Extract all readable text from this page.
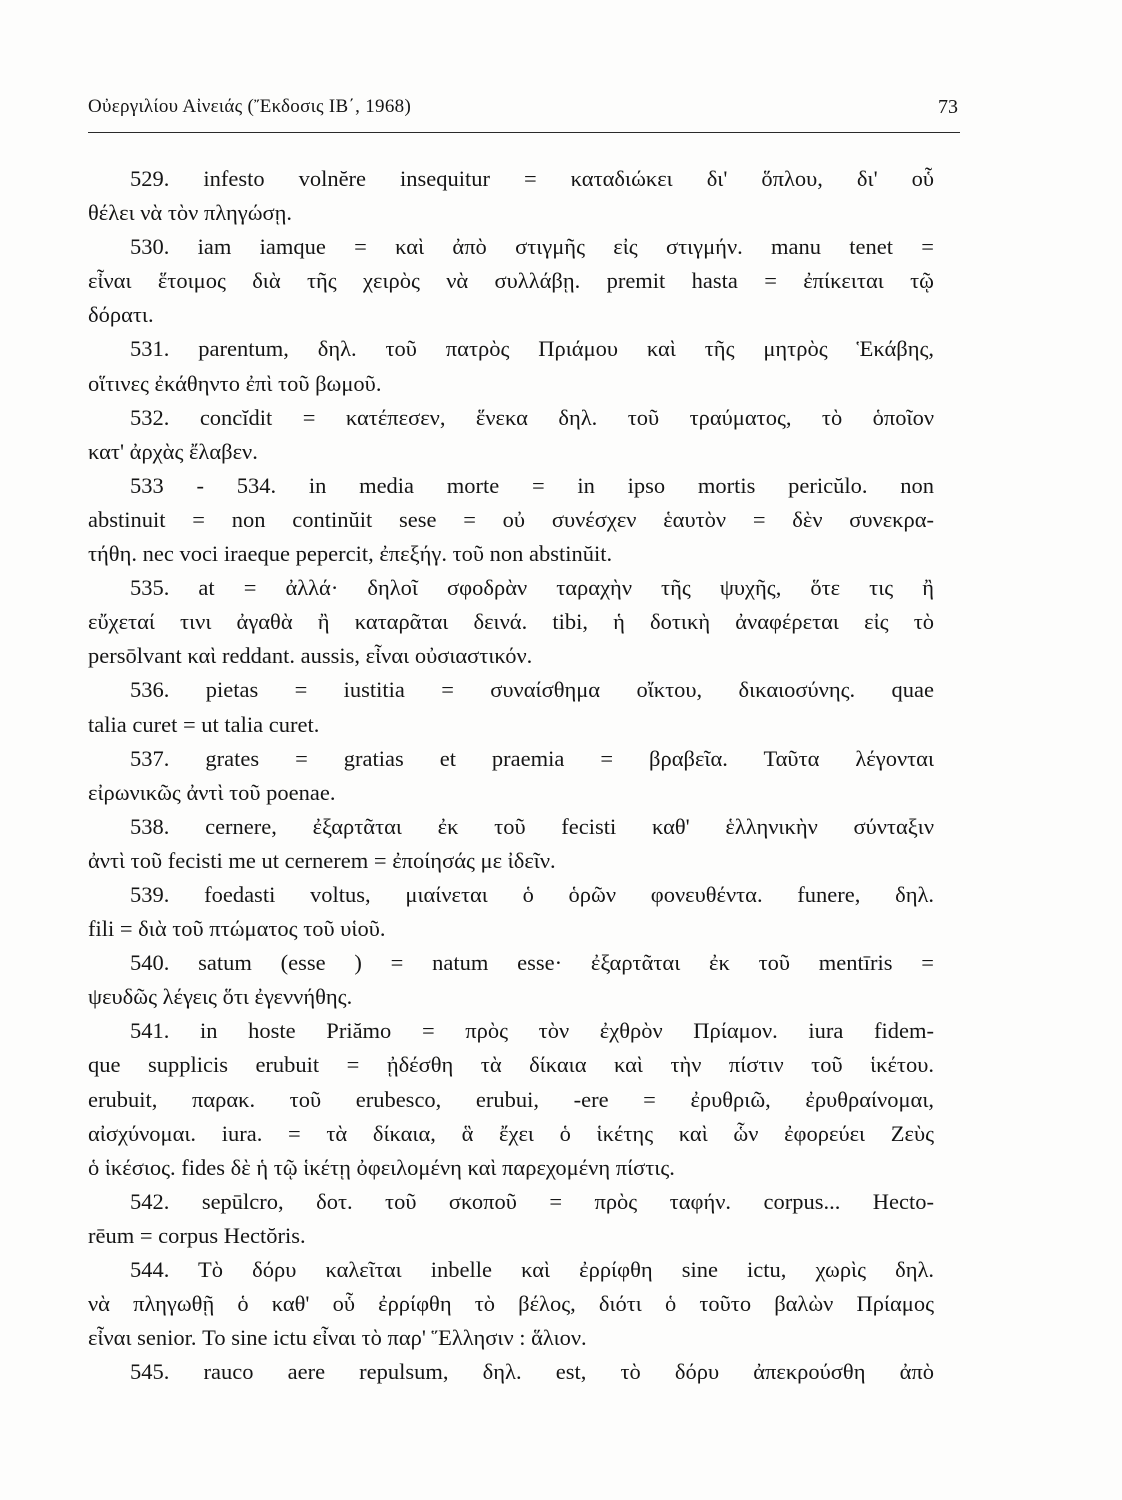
Οὐεργιλίου Αἰνειάς (Ἔκδοσις ΙΒ΄, 1968)	73
529. infesto volnĕre insequitur = καταδιώκει δι' ὅπλου, δι' οὗ
θέλει νὰ τὸν πληγώσῃ.
530. iam iamque = καὶ ἀπὸ στιγμῆς εἰς στιγμήν. manu tenet =
εἶναι ἕτοιμος διὰ τῆς χειρὸς νὰ συλλάβῃ. premit hasta = ἐπίκειται τῷ
δόρατι.
531. parentum, δηλ. τοῦ πατρὸς Πριάμου καὶ τῆς μητρὸς Ἑκάβης,
οἵτινες ἐκάθηντο ἐπὶ τοῦ βωμοῦ.
532. concĭdit = κατέπεσεν, ἕνεκα δηλ. τοῦ τραύματος, τὸ ὁποῖον
κατ' ἀρχὰς ἔλαβεν.
533 - 534. in media morte = in ipso mortis pericŭlo. non
abstinuit = non continŭit sese = οὐ συνέσχεν ἑαυτὸν = δὲν συνεκρα-
τήθη. nec voci iraeque pepercit, ἐπεξήγ. τοῦ non abstinŭit.
535. at = ἀλλά· δηλοῖ σφοδρὰν ταραχὴν τῆς ψυχῆς, ὅτε τις ἢ
εὔχεταί τινι ἀγαθὰ ἢ καταρᾶται δεινά. tibi, ἡ δοτικὴ ἀναφέρεται εἰς τὸ
persōlvant καὶ reddant. aussis, εἶναι οὐσιαστικόν.
536. pietas = iustitia = συναίσθημα οἴκτου, δικαιοσύνης. quae
talia curet = ut talia curet.
537. grates = gratias et praemia = βραβεῖα. Ταῦτα λέγονται
εἰρωνικῶς ἀντὶ τοῦ poenae.
538. cernere, ἐξαρτᾶται ἐκ τοῦ fecisti καθ' ἑλληνικὴν σύνταξιν
ἀντὶ τοῦ fecisti me ut cernerem = ἐποίησάς με ἰδεῖν.
539. foedasti voltus, μιαίνεται ὁ ὁρῶν φονευθέντα. funere, δηλ.
fili = διὰ τοῦ πτώματος τοῦ υἱοῦ.
540. satum (esse ) = natum esse· ἐξαρτᾶται ἐκ τοῦ mentīris =
ψευδῶς λέγεις ὅτι ἐγεννήθης.
541. in hoste Priămo = πρὸς τὸν ἐχθρὸν Πρίαμον. iura fidem-
que supplicis erubuit = ᾐδέσθη τὰ δίκαια καὶ τὴν πίστιν τοῦ ἱκέτου.
erubuit, παρακ. τοῦ erubesco, erubui, -ere = ἐρυθριῶ, ἐρυθραίνομαι,
αἰσχύνομαι. iura. = τὰ δίκαια, ἃ ἔχει ὁ ἱκέτης καὶ ὧν ἐφορεύει Ζεὺς
ὁ ἱκέσιος. fides δὲ ἡ τῷ ἱκέτῃ ὀφειλομένη καὶ παρεχομένη πίστις.
542. sepūlcro, δοτ. τοῦ σκοποῦ = πρὸς ταφήν. corpus... Hecto-
rēum = corpus Hectŏris.
544. Τὸ δόρυ καλεῖται inbelle καὶ ἐρρίφθη sine ictu, χωρὶς δηλ.
νὰ πληγωθῇ ὁ καθ' οὗ ἐρρίφθη τὸ βέλος, διότι ὁ τοῦτο βαλὼν Πρίαμος
εἶναι senior. Το sine ictu εἶναι τὸ παρ' Ἕλλησιν : ἅλιον.
545. rauco aere repulsum, δηλ. est, τὸ δόρυ ἀπεκρούσθη ἀπὸ
